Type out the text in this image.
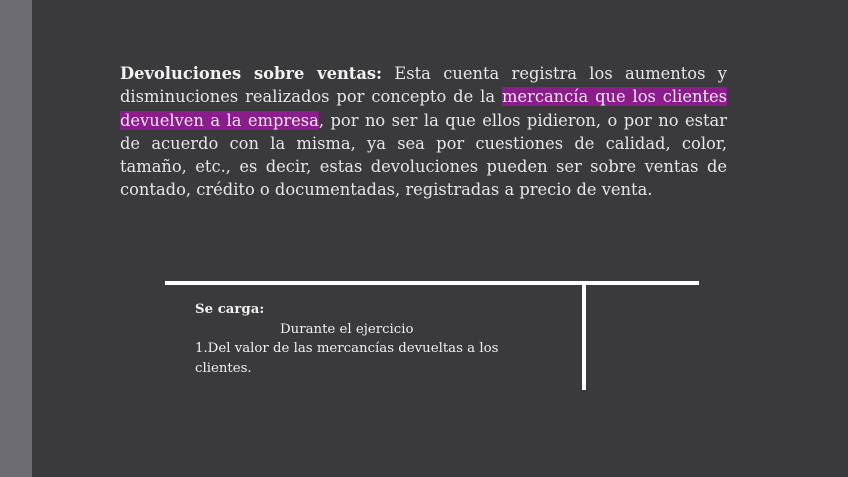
Devoluciones sobre ventas: Esta cuenta registra los aumentos y disminuciones realizados por concepto de la mercancía que los clientes devuelven a la empresa, por no ser la que ellos pidieron, o por no estar de acuerdo con la misma, ya sea por cuestiones de calidad, color, tamaño, etc., es decir, estas devoluciones pueden ser sobre ventas de contado, crédito o documentadas, registradas a precio de venta.

Se carga:
Durante el ejercicio
1.Del valor de las mercancías devueltas a los clientes.
